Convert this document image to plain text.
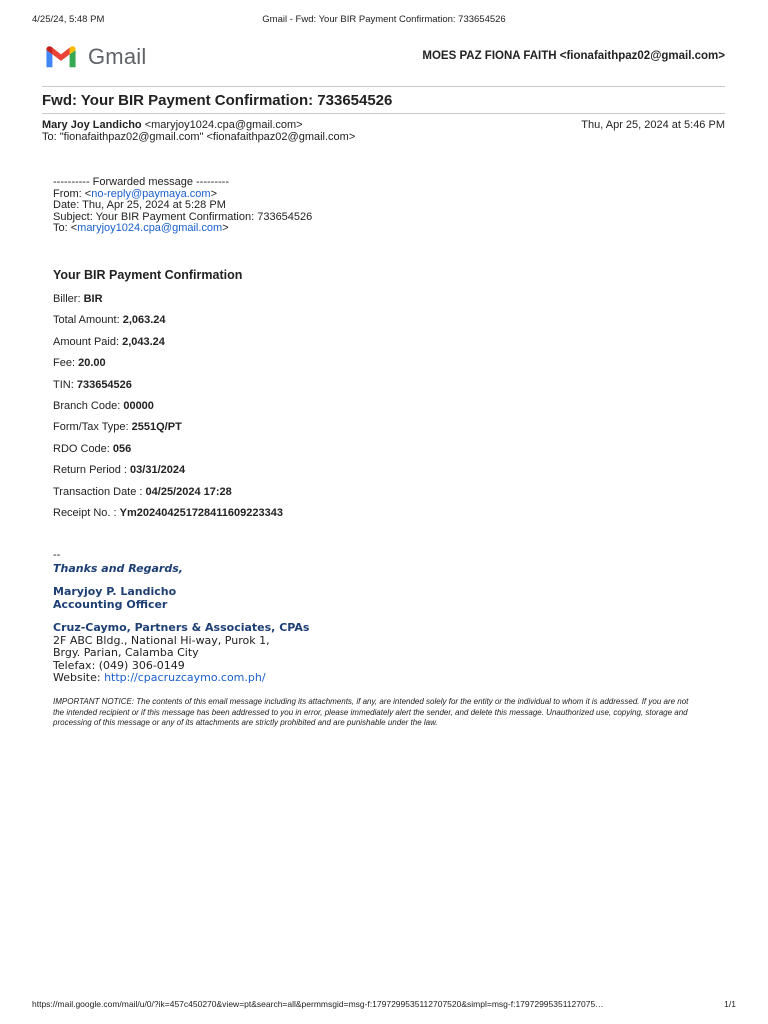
4/25/24, 5:48 PM	Gmail - Fwd: Your BIR Payment Confirmation: 733654526
Gmail	MOES PAZ FIONA FAITH <fionafaithpaz02@gmail.com>
Fwd: Your BIR Payment Confirmation: 733654526
Mary Joy Landicho <maryjoy1024.cpa@gmail.com>	Thu, Apr 25, 2024 at 5:46 PM
To: "fionafaithpaz02@gmail.com" <fionafaithpaz02@gmail.com>
---------- Forwarded message ---------
From: <no-reply@paymaya.com>
Date: Thu, Apr 25, 2024 at 5:28 PM
Subject: Your BIR Payment Confirmation: 733654526
To: <maryjoy1024.cpa@gmail.com>
Your BIR Payment Confirmation
Biller: BIR
Total Amount: 2,063.24
Amount Paid: 2,043.24
Fee: 20.00
TIN: 733654526
Branch Code: 00000
Form/Tax Type: 2551Q/PT
RDO Code: 056
Return Period : 03/31/2024
Transaction Date : 04/25/2024 17:28
Receipt No. : Ym20240425172841160922334​3
--
Thanks and Regards,
Maryjoy P. Landicho
Accounting Officer
Cruz-Caymo, Partners & Associates, CPAs
2F ABC Bldg., National Hi-way, Purok 1,
Brgy. Parian, Calamba City
Telefax: (049) 306-0149
Website: http://cpacruzcaymo.com.ph/
IMPORTANT NOTICE: The contents of this email message including its attachments, if any, are intended solely for the entity or the individual to whom it is addressed. If you are not the intended recipient or if this message has been addressed to you in error, please immediately alert the sender, and delete this message. Unauthorized use, copying, storage and processing of this message or any of its attachments are strictly prohibited and are punishable under the law.
https://mail.google.com/mail/u/0/?ik=457c450270&view=pt&search=all&permmsgid=msg-f:1797299535112707520&simpl=msg-f:17972995351127075…	1/1
